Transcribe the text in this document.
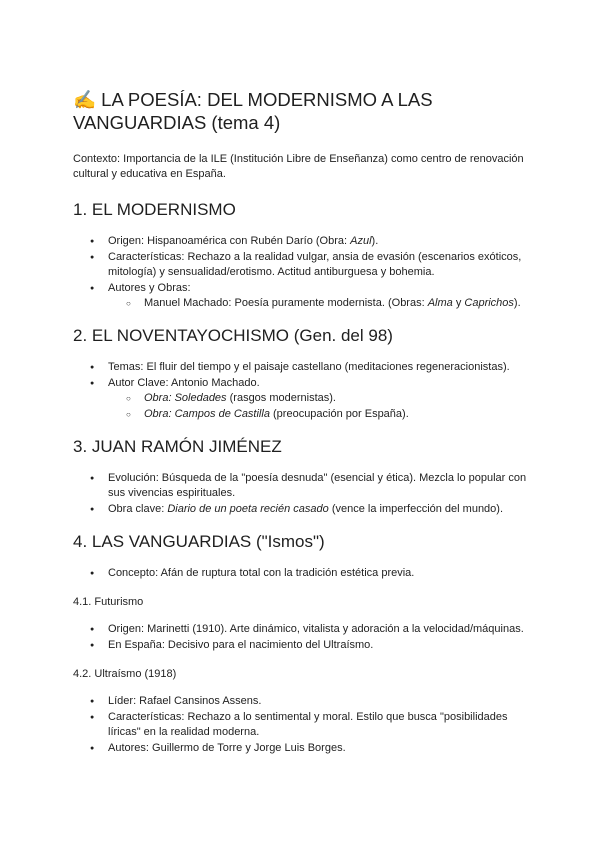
✍️ LA POESÍA: DEL MODERNISMO A LAS VANGUARDIAS (tema 4)

Contexto: Importancia de la ILE (Institución Libre de Enseñanza) como centro de renovación cultural y educativa en España.

1. EL MODERNISMO
● Origen: Hispanoamérica con Rubén Darío (Obra: Azul).
● Características: Rechazo a la realidad vulgar, ansia de evasión (escenarios exóticos, mitología) y sensualidad/erotismo. Actitud antiburguesa y bohemia.
● Autores y Obras:
○ Manuel Machado: Poesía puramente modernista. (Obras: Alma y Caprichos).
2. EL NOVENTAYOCHISMO (Gen. del 98)
● Temas: El fluir del tiempo y el paisaje castellano (meditaciones regeneracionistas).
● Autor Clave: Antonio Machado.
○ Obra: Soledades (rasgos modernistas).
○ Obra: Campos de Castilla (preocupación por España).
3. JUAN RAMÓN JIMÉNEZ
● Evolución: Búsqueda de la "poesía desnuda" (esencial y ética). Mezcla lo popular con sus vivencias espirituales.
● Obra clave: Diario de un poeta recién casado (vence la imperfección del mundo).
4. LAS VANGUARDIAS ("Ismos")
● Concepto: Afán de ruptura total con la tradición estética previa.
4.1. Futurismo
● Origen: Marinetti (1910). Arte dinámico, vitalista y adoración a la velocidad/máquinas.
● En España: Decisivo para el nacimiento del Ultraísmo.
4.2. Ultraísmo (1918)
● Líder: Rafael Cansinos Assens.
● Características: Rechazo a lo sentimental y moral. Estilo que busca "posibilidades líricas" en la realidad moderna.
● Autores: Guillermo de Torre y Jorge Luis Borges.
